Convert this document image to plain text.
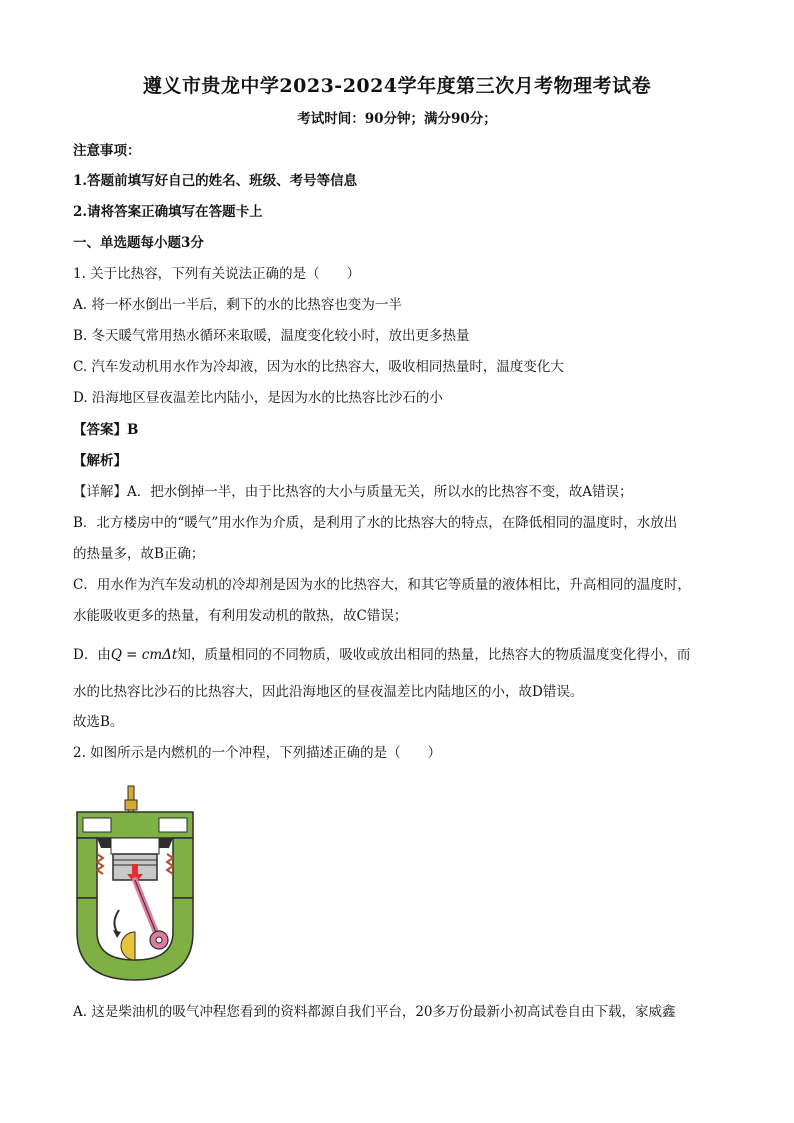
遵义市贵龙中学2023-2024学年度第三次月考物理考试卷
考试时间：90分钟；满分90分；
注意事项：
1.答题前填写好自己的姓名、班级、考号等信息
2.请将答案正确填写在答题卡上
一、单选题每小题3分
1. 关于比热容，下列有关说法正确的是（　　）
A. 将一杯水倒出一半后，剩下的水的比热容也变为一半
B. 冬天暖气常用热水循环来取暖，温度变化较小时，放出更多热量
C. 汽车发动机用水作为冷却液，因为水的比热容大，吸收相同热量时，温度变化大
D. 沿海地区昼夜温差比内陆小，是因为水的比热容比沙石的小
【答案】B
【解析】
【详解】A．把水倒掉一半，由于比热容的大小与质量无关，所以水的比热容不变，故A错误；
B．北方楼房中的“暖气”用水作为介质，是利用了水的比热容大的特点，在降低相同的温度时，水放出
的热量多，故B正确；
C．用水作为汽车发动机的冷却剂是因为水的比热容大，和其它等质量的液体相比，升高相同的温度时，
水能吸收更多的热量，有利用发动机的散热，故C错误；
D．由Q = cmΔt知，质量相同的不同物质，吸收或放出相同的热量，比热容大的物质温度变化得小，而
水的比热容比沙石的比热容大，因此沿海地区的昼夜温差比内陆地区的小，故D错误。
故选B。
2. 如图所示是内燃机的一个冲程，下列描述正确的是（　　）
A. 这是柴油机的吸气冲程您看到的资料都源自我们平台，20多万份最新小初高试卷自由下载，家威鑫
